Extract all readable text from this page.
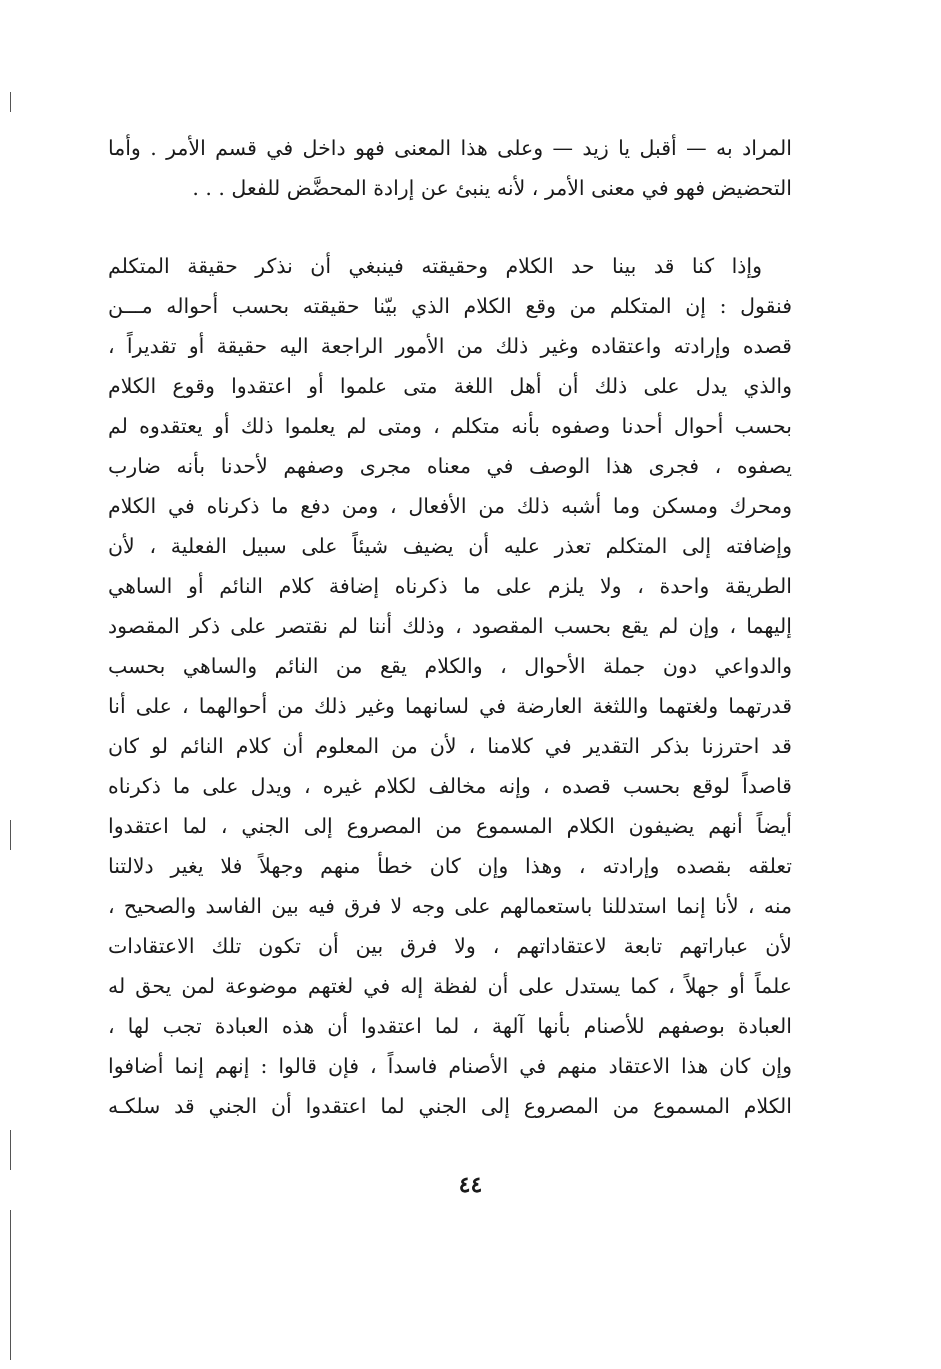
المراد به — أقبل يا زيد — وعلى هذا المعنى فهو داخل في قسم الأمر . وأما
التحضيض فهو في معنى الأمر ، لأنه ينبئ عن إرادة المحضَّض للفعل . . .
وإذا كنا قد بينا حد الكلام وحقيقته فينبغي أن نذكر حقيقة المتكلم
فنقول : إن المتكلم من وقع الكلام الذي بيّنا حقيقته بحسب أحواله مـــن
قصده وإرادته واعتقاده وغير ذلك من الأمور الراجعة اليه حقيقة أو تقديراً ،
والذي يدل على ذلك أن أهل اللغة متى علموا أو اعتقدوا وقوع الكلام
بحسب أحوال أحدنا وصفوه بأنه متكلم ، ومتى لم يعلموا ذلك أو يعتقدوه لم
يصفوه ، فجرى هذا الوصف في معناه مجرى وصفهم لأحدنا بأنه ضارب
ومحرك ومسكن وما أشبه ذلك من الأفعال ، ومن دفع ما ذكرناه في الكلام
وإضافته إلى المتكلم تعذر عليه أن يضيف شيئاً على سبيل الفعلية ، لأن
الطريقة واحدة ، ولا يلزم على ما ذكرناه إضافة كلام النائم أو الساهي
إليهما ، وإن لم يقع بحسب المقصود ، وذلك أننا لم نقتصر على ذكر المقصود
والدواعي دون جملة الأحوال ، والكلام يقع من النائم والساهي بحسب
قدرتهما ولغتهما واللثغة العارضة في لسانهما وغير ذلك من أحوالهما ، على أنا
قد احترزنا بذكر التقدير في كلامنا ، لأن من المعلوم أن كلام النائم لو كان
قاصداً لوقع بحسب قصده ، وإنه مخالف لكلام غيره ، ويدل على ما ذكرناه
أيضاً أنهم يضيفون الكلام المسموع من المصروع إلى الجني ، لما اعتقدوا
تعلقه بقصده وإرادته ، وهذا وإن كان خطأ منهم وجهلاً فلا يغير دلالتنا
منه ، لأنا إنما استدللنا باستعمالهم على وجه لا فرق فيه بين الفاسد والصحيح ،
لأن عباراتهم تابعة لاعتقاداتهم ، ولا فرق بين أن تكون تلك الاعتقادات
علماً أو جهلاً ، كما يستدل على أن لفظة إله في لغتهم موضوعة لمن يحق له
العبادة بوصفهم للأصنام بأنها آلهة ، لما اعتقدوا أن هذه العبادة تجب لها ،
وإن كان هذا الاعتقاد منهم في الأصنام فاسداً ، فإن قالوا : إنهم إنما أضافوا
الكلام المسموع من المصروع إلى الجني لما اعتقدوا أن الجني قد سلكـه
٤٤
